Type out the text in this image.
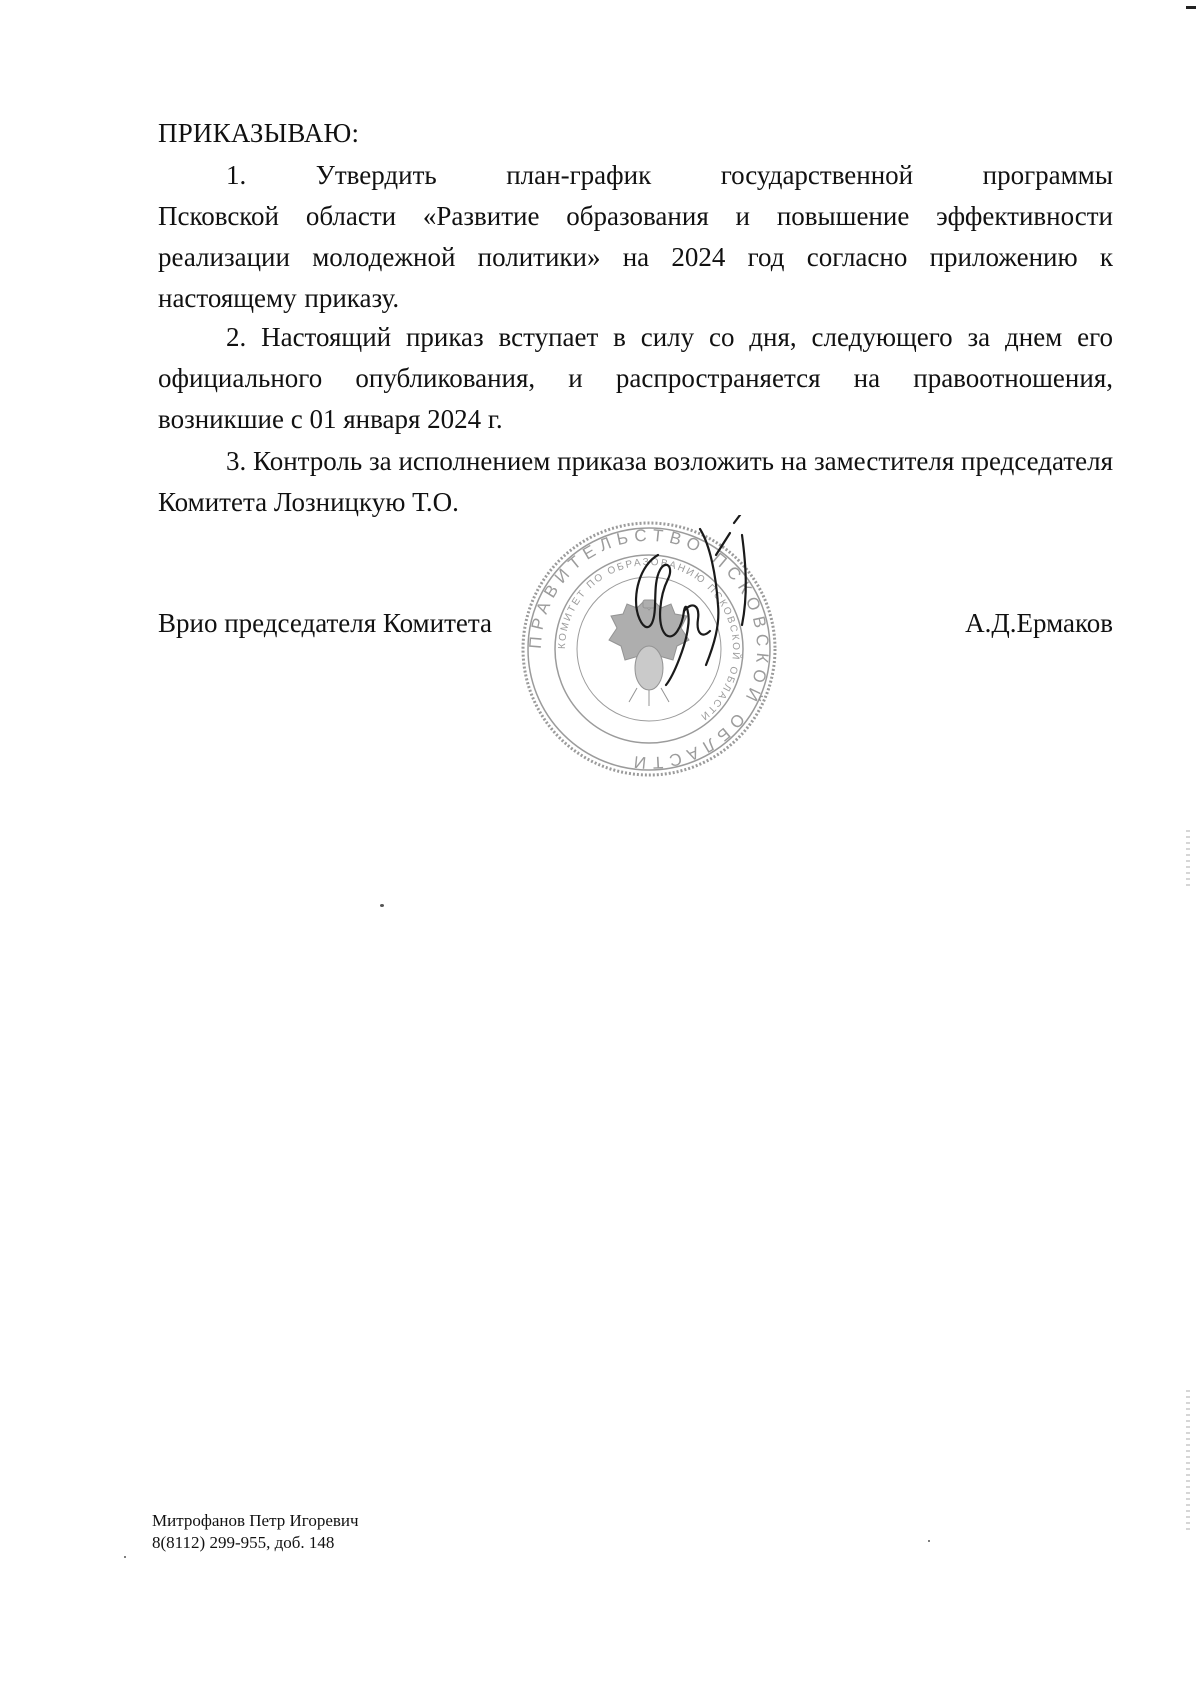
ПРИКАЗЫВАЮ:
1.	Утвердить	план-график	государственной	программы
Псковской области «Развитие образования и повышение эффективности реализации молодежной политики» на 2024 год согласно приложению к настоящему приказу.
2. Настоящий приказ вступает в силу со дня, следующего за днем его официального опубликования, и распространяется на правоотношения, возникшие с 01 января 2024 г.
3. Контроль за исполнением приказа возложить на заместителя председателя Комитета Лозницкую Т.О.
Врио председателя Комитета	А.Д.Ермаков
ПРАВИТЕЛЬСТВО ПСКОВСКОЙ ОБЛАСТИ
КОМИТЕТ ПО ОБРАЗОВАНИЮ ПСКОВСКОЙ ОБЛАСТИ
Митрофанов Петр Игоревич
8(8112) 299-955, доб. 148
